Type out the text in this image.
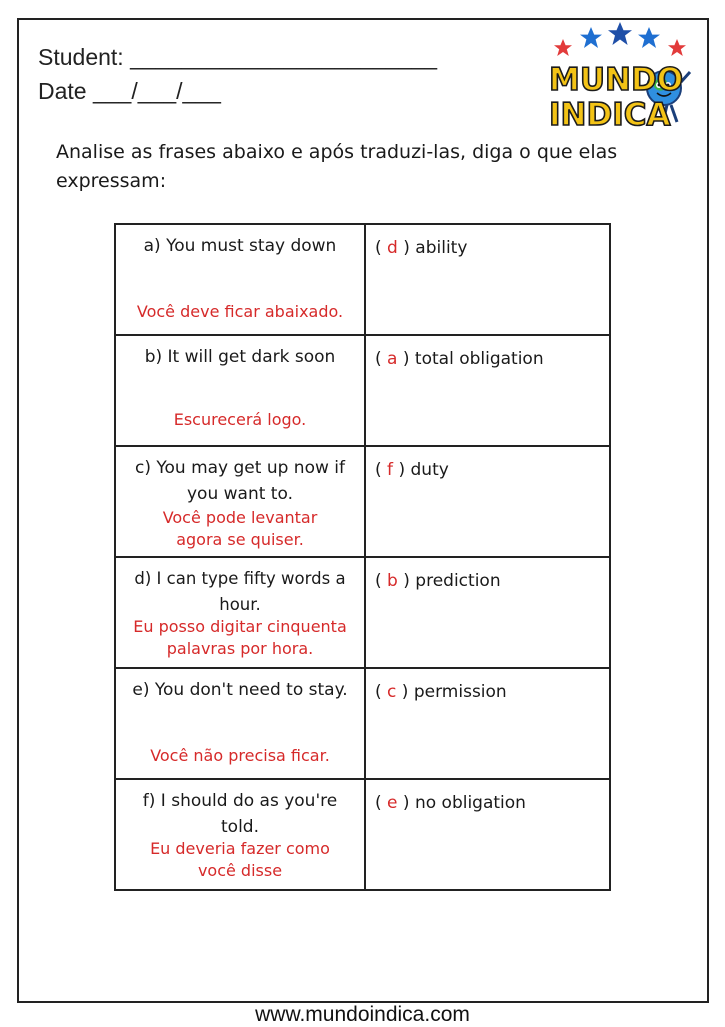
Student: ________________________
Date ___/___/___	MUNDO
INDICA
Analise as frases abaixo e após traduzi-las, diga o que elas expressam:
a) You must stay down
Você deve ficar abaixado.	( d ) ability

b) It will get dark soon
Escurecerá logo.	( a ) total obligation

c) You may get up now if you want to.
Você pode levantar agora se quiser.	( f ) duty

d) I can type fifty words a hour.
Eu posso digitar cinquenta palavras por hora.	( b ) prediction

e) You don't need to stay.
Você não precisa ficar.	( c ) permission

f) I should do as you're told.
Eu deveria fazer como você disse	( e ) no obligation
www.mundoindica.com
